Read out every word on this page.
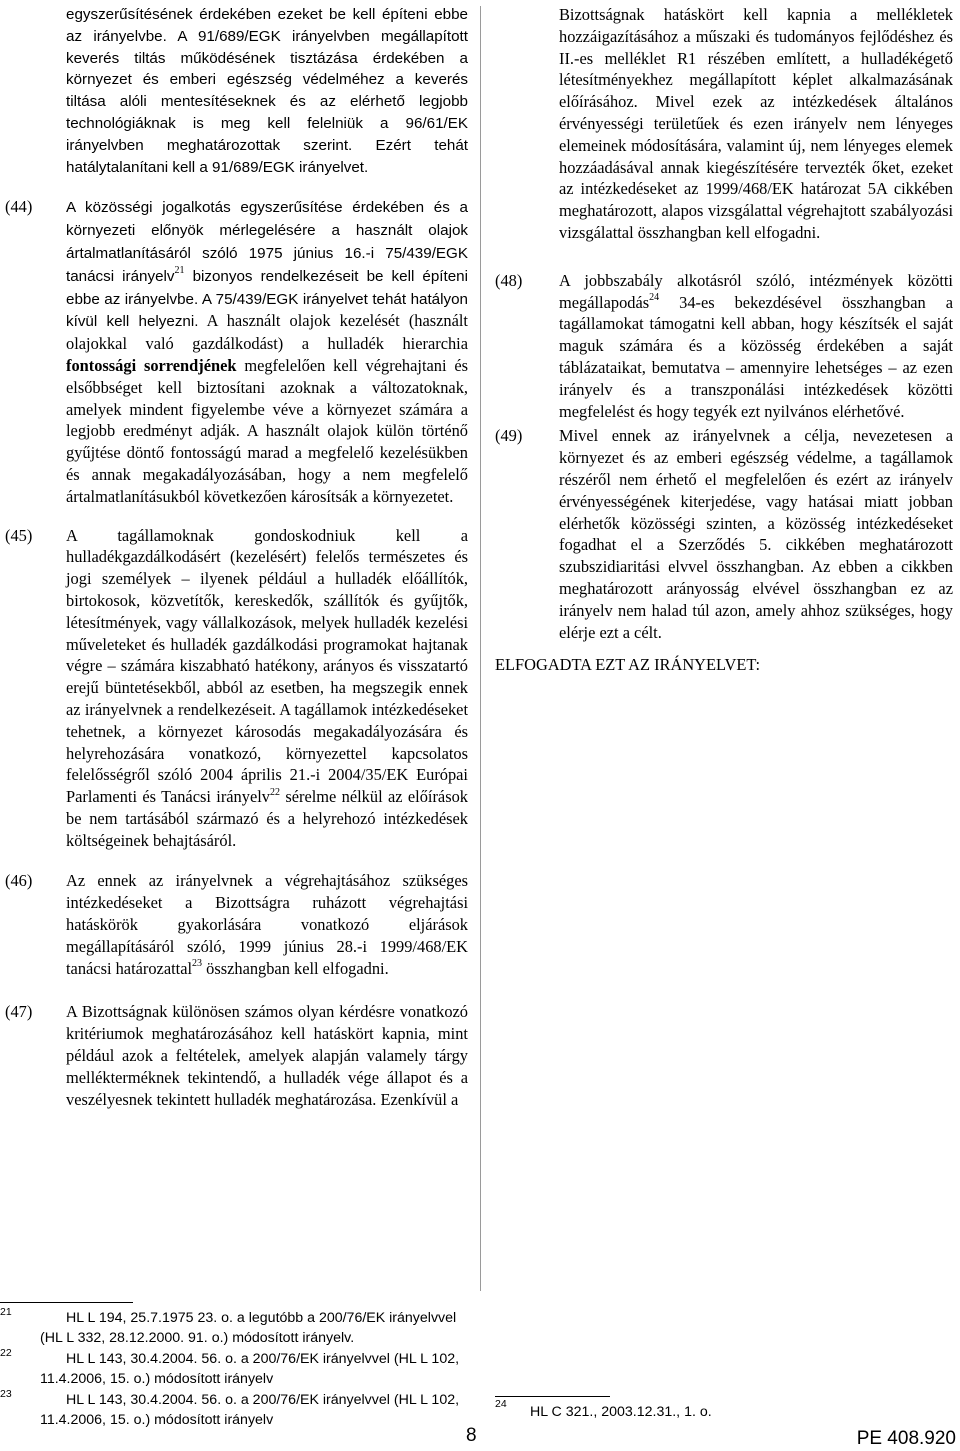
egyszerűsítésének érdekében ezeket be kell építeni ebbe az irányelvbe. A 91/689/EGK irányelvben megállapított keverés tiltás működésének tisztázása érdekében a környezet és emberi egészség védelméhez a keverés tiltása alóli mentesítéseknek és az elérhető legjobb technológiáknak is meg kell felelniük a 96/61/EK irányelvben meghatározottak szerint. Ezért tehát hatálytalanítani kell a 91/689/EGK irányelvet.
(44) A közösségi jogalkotás egyszerűsítése érdekében és a környezeti előnyök mérlegelésére a használt olajok ártalmatlanításáról szóló 1975 június 16.-i 75/439/EGK tanácsi irányelv$^{21}$ bizonyos rendelkezéseit be kell építeni ebbe az irányelvbe. A 75/439/EGK irányelvet tehát hatályon kívül kell helyezni. A használt olajok kezelését (használt olajokkal való gazdálkodást) a hulladék hierarchia fontossági sorrendjének megfelelően kell végrehajtani és elsőbbséget kell biztosítani azoknak a változatoknak, amelyek mindent figyelembe véve a környezet számára a legjobb eredményt adják. A használt olajok külön történő gyűjtése döntő fontosságú marad a megfelelő kezelésükben és annak megakadályozásában, hogy a nem megfelelő ártalmatlanításukból következően károsítsák a környezetet.
(45) A tagállamoknak gondoskodniuk kell a hulladékgazdálkodásért (kezelésért) felelős természetes és jogi személyek – ilyenek például a hulladék előállítók, birtokosok, közvetítők, kereskedők, szállítók és gyűjtők, létesítmények, vagy vállalkozások, melyek hulladék kezelési műveleteket és hulladék gazdálkodási programokat hajtanak végre – számára kiszabható hatékony, arányos és visszatartó erejű büntetésekből, abból az esetben, ha megszegik ennek az irányelvnek a rendelkezéseit. A tagállamok intézkedéseket tehetnek, a környezet károsodás megakadályozására és helyrehozására vonatkozó, környezettel kapcsolatos felelősségről szóló 2004 április 21.-i 2004/35/EK Európai Parlamenti és Tanácsi irányelv$^{22}$ sérelme nélkül az előírások be nem tartásából származó és a helyrehozó intézkedések költségeinek behajtásáról.
(46) Az ennek az irányelvnek a végrehajtásához szükséges intézkedéseket a Bizottságra ruházott végrehajtási hatáskörök gyakorlására vonatkozó eljárások megállapításáról szóló, 1999 június 28.-i 1999/468/EK tanácsi határozattal$^{23}$ összhangban kell elfogadni.
(47) A Bizottságnak különösen számos olyan kérdésre vonatkozó kritériumok meghatározásához kell hatáskört kapnia, mint például azok a feltételek, amelyek alapján valamely tárgy mellékterméknek tekintendő, a hulladék vége állapot és a veszélyesnek tekintett hulladék meghatározása. Ezenkívül a
Bizottságnak hatáskört kell kapnia a mellékletek hozzáigazításához a műszaki és tudományos fejlődéshez és II.-es melléklet R1 részében említett, a hulladékégető létesítményekhez megállapított képlet alkalmazásának előírásához. Mivel ezek az intézkedések általános érvényességi területűek és ezen irányelv nem lényeges elemeinek módosítására, valamint új, nem lényeges elemek hozzáadásával annak kiegészítésére tervezték őket, ezeket az intézkedéseket az 1999/468/EK határozat 5A cikkében meghatározott, alapos vizsgálattal végrehajtott szabályozási vizsgálattal összhangban kell elfogadni.
(48) A jobbszabály alkotásról szóló, intézmények közötti megállapodás$^{24}$ 34-es bekezdésével összhangban a tagállamokat támogatni kell abban, hogy készítsék el saját maguk számára és a közösség érdekében a saját táblázataikat, bemutatva – amennyire lehetséges – az ezen irányelv és a transzponálási intézkedések közötti megfelelést és hogy tegyék ezt nyilvános elérhetővé.
(49) Mivel ennek az irányelvnek a célja, nevezetesen a környezet és az emberi egészség védelme, a tagállamok részéről nem érhető el megfelelően és ezért az irányelv érvényességének kiterjedése, vagy hatásai miatt jobban elérhetők közösségi szinten, a közösség intézkedéseket fogadhat el a Szerződés 5. cikkében meghatározott szubszidiaritási elvvel összhangban. Az ebben a cikkben meghatározott arányosság elvével összhangban ez az irányelv nem halad túl azon, amely ahhoz szükséges, hogy elérje ezt a célt.
ELFOGADTA EZT AZ IRÁNYELVET:
21	HL L 194, 25.7.1975 23. o. a legutóbb a 200/76/EK irányelvvel (HL L 332, 28.12.2000. 91. o.) módosított irányelv.
22	HL L 143, 30.4.2004. 56. o. a 200/76/EK irányelvvel (HL L 102, 11.4.2006, 15. o.) módosított irányelv
23	HL L 143, 30.4.2004. 56. o. a 200/76/EK irányelvvel (HL L 102, 11.4.2006, 15. o.) módosított irányelv
24	HL C 321., 2003.12.31., 1. o.
8	PE 408.920
